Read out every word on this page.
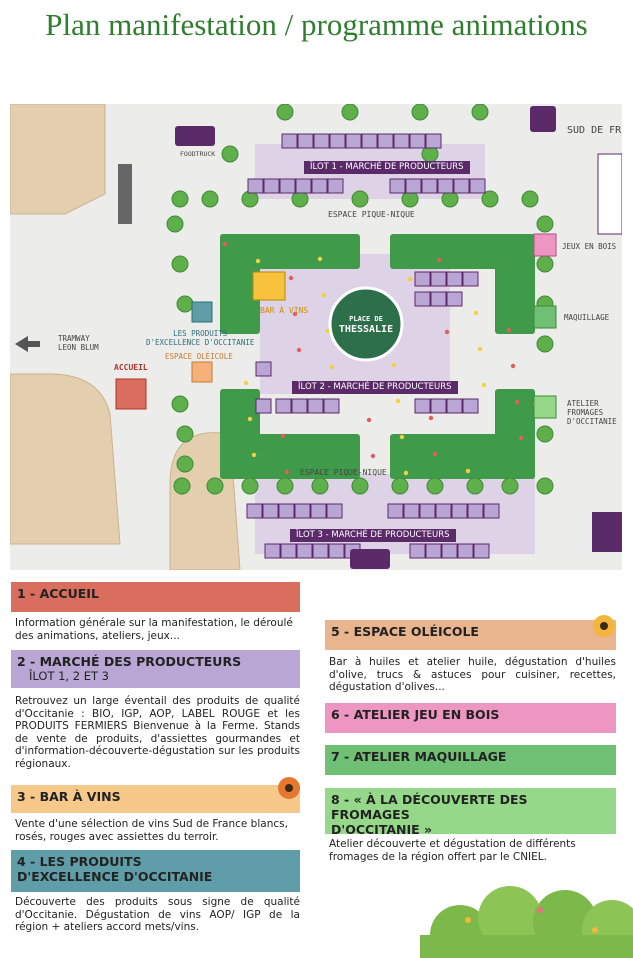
Plan manifestation / programme animations
ÎLOT 1 - MARCHÉ DE PRODUCTEURS
ÎLOT 2 - MARCHÉ DE PRODUCTEURS
ÎLOT 3 - MARCHÉ DE PRODUCTEURS
ESPACE PIQUE-NIQUE
ESPACE PIQUE-NIQUE
FOODTRUCK
TRAMWAY
LEON BLUM
ACCUEIL
BAR À VINS
LES PRODUITS
D'EXCELLENCE D'OCCITANIE
ESPACE OLÉICOLE
JEUX EN BOIS
MAQUILLAGE
ATELIER
FROMAGES
D'OCCITANIE
SUD DE FR
PLACE DE
THESSALIE
1 - ACCUEIL
Information générale sur la manifestation, le déroulé des animations, ateliers, jeux...
2 - MARCHÉ DES PRODUCTEURS
ÎLOT 1, 2 ET 3
Retrouvez un large éventail des produits de qualité d'Occitanie : BIO, IGP, AOP, LABEL ROUGE et les PRODUITS FERMIERS Bienvenue à la Ferme. Stands de vente de produits, d'assiettes gourmandes et d'information-découverte-dégustation sur les produits régionaux.
3 - BAR À VINS
Vente d'une sélection de vins Sud de France blancs, rosés, rouges avec assiettes du terroir.
4 - LES PRODUITS
D'EXCELLENCE D'OCCITANIE
Découverte des produits sous signe de qualité d'Occitanie. Dégustation de vins AOP/ IGP de la région + ateliers accord mets/vins.
5 - ESPACE OLÉICOLE
Bar à huiles et atelier huile, dégustation d'huiles d'olive, trucs & astuces pour cuisiner, recettes, dégustation d'olives...
6 - ATELIER JEU EN BOIS
7 - ATELIER MAQUILLAGE
8 - « À LA DÉCOUVERTE DES FROMAGES
D'OCCITANIE »
Atelier découverte et dégustation de différents fromages de la région offert par le CNIEL.
